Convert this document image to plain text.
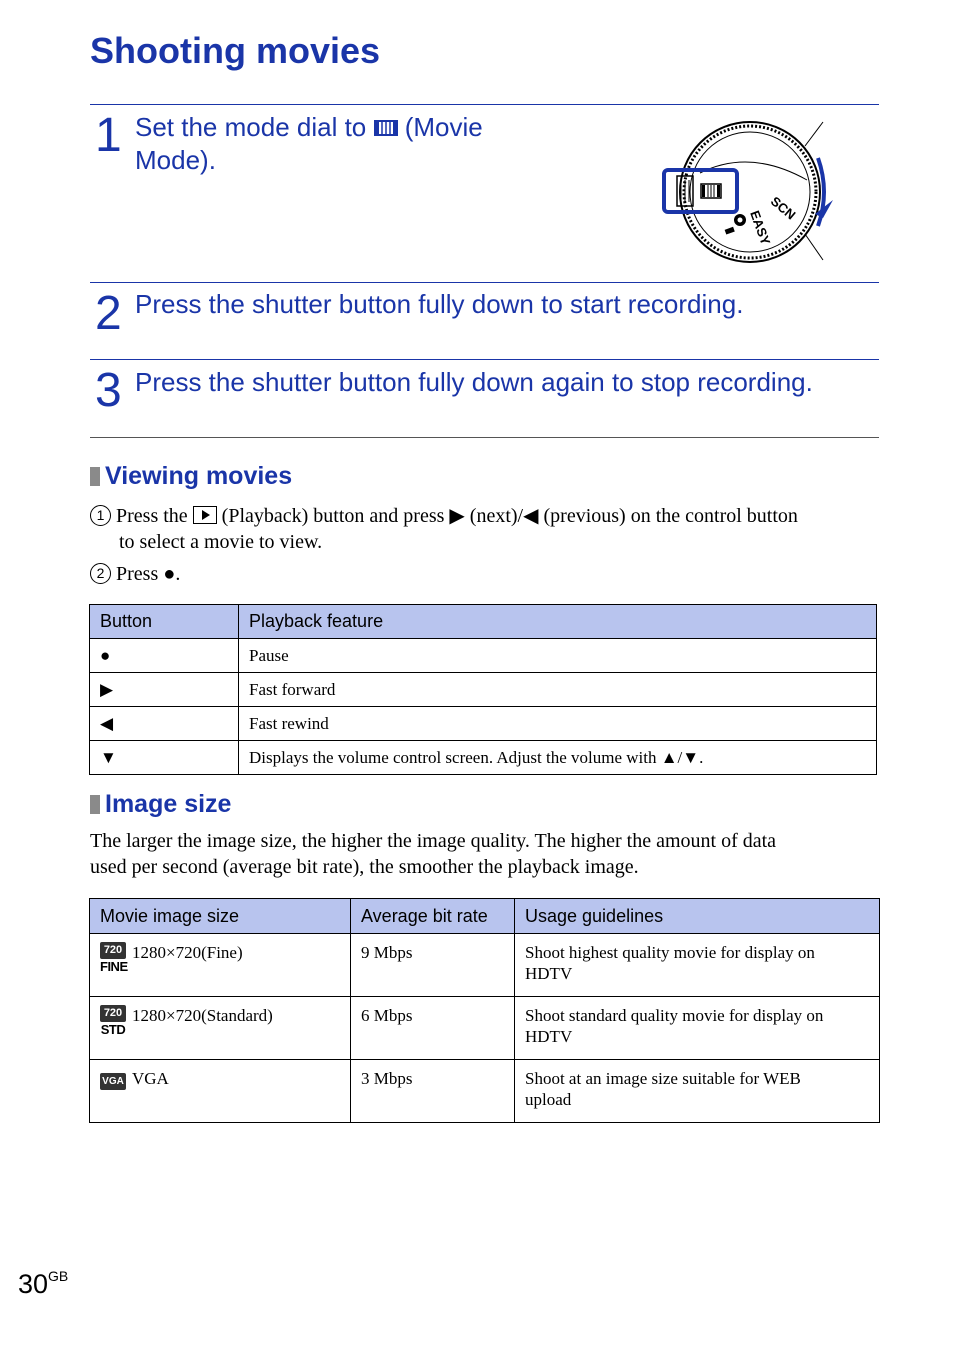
Shooting movies
1 Set the mode dial to (Movie
Mode).
SCN
EASY
2 Press the shutter button fully down to start recording.
3 Press the shutter button fully down again to stop recording.
Viewing movies
1 Press the (Playback) button and press ▶ (next)/◀ (previous) on the control button
to select a movie to view.
2 Press ●.
Button	Playback feature
●	Pause
▶	Fast forward
◀	Fast rewind
▼	Displays the volume control screen. Adjust the volume with ▲/▼.
Image size
The larger the image size, the higher the image quality. The higher the amount of data
used per second (average bit rate), the smoother the playback image.
Movie image size	Average bit rate	Usage guidelines

720
FINE
1280×720(Fine)	9 Mbps	Shoot highest quality movie for display on
HDTV

720
STD
1280×720(Standard)	6 Mbps	Shoot standard quality movie for display on
HDTV
VGA VGA	3 Mbps	Shoot at an image size suitable for WEB
upload
$30^{GB}$
